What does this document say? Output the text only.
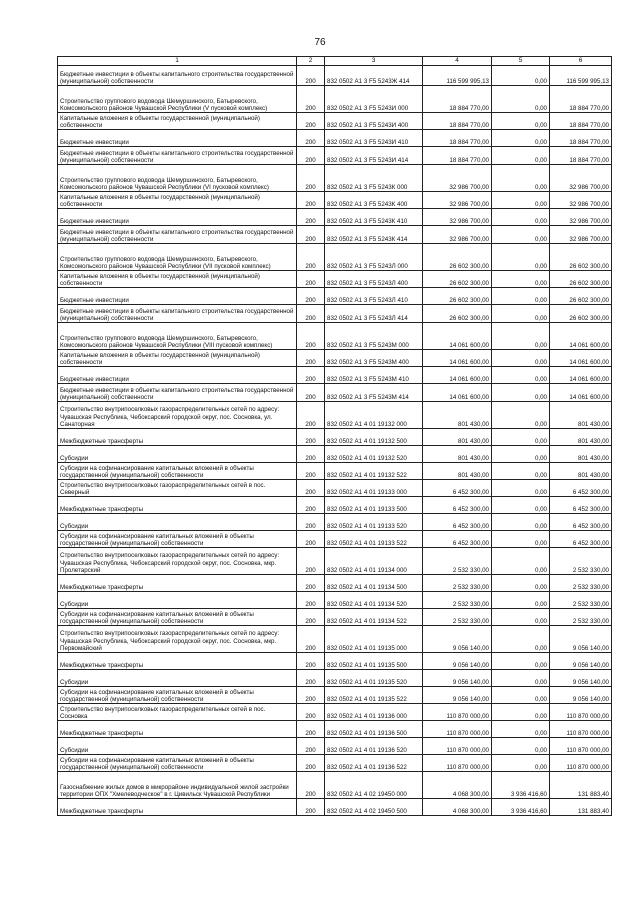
76
1	2	3	4	5	6
Бюджетные инвестиции в объекты капитального строительства государственной (муниципальной) собственности	200	832 0502 А1 3 F5 5243Ж 414	116 599 995,13	0,00	116 599 995,13
Строительство группового водовода Шемуршинского, Батыревского, Комсомольского районов Чувашской Республики (V пусковой комплекс)	200	832 0502 А1 3 F5 5243И 000	18 884 770,00	0,00	18 884 770,00
Капитальные вложения в объекты государственной (муниципальной) собственности	200	832 0502 А1 3 F5 5243И 400	18 884 770,00	0,00	18 884 770,00
Бюджетные инвестиции	200	832 0502 А1 3 F5 5243И 410	18 884 770,00	0,00	18 884 770,00
Бюджетные инвестиции в объекты капитального строительства государственной (муниципальной) собственности	200	832 0502 А1 3 F5 5243И 414	18 884 770,00	0,00	18 884 770,00
Строительство группового водовода Шемуршинского, Батыревского, Комсомольского районов Чувашской Республики (VI пусковой комплекс)	200	832 0502 А1 3 F5 5243К 000	32 986 700,00	0,00	32 986 700,00
Капитальные вложения в объекты государственной (муниципальной) собственности	200	832 0502 А1 3 F5 5243К 400	32 986 700,00	0,00	32 986 700,00
Бюджетные инвестиции	200	832 0502 А1 3 F5 5243К 410	32 986 700,00	0,00	32 986 700,00
Бюджетные инвестиции в объекты капитального строительства государственной (муниципальной) собственности	200	832 0502 А1 3 F5 5243К 414	32 986 700,00	0,00	32 986 700,00
Строительство группового водовода Шемуршинского, Батыревского, Комсомольского районов Чувашской Республики (VII пусковой комплекс)	200	832 0502 А1 3 F5 5243Л 000	26 602 300,00	0,00	26 602 300,00
Капитальные вложения в объекты государственной (муниципальной) собственности	200	832 0502 А1 3 F5 5243Л 400	26 602 300,00	0,00	26 602 300,00
Бюджетные инвестиции	200	832 0502 А1 3 F5 5243Л 410	26 602 300,00	0,00	26 602 300,00
Бюджетные инвестиции в объекты капитального строительства государственной (муниципальной) собственности	200	832 0502 А1 3 F5 5243Л 414	26 602 300,00	0,00	26 602 300,00
Строительство группового водовода Шемуршинского, Батыревского, Комсомольского районов Чувашской Республики (VIII пусковой комплекс)	200	832 0502 А1 3 F5 5243М 000	14 061 600,00	0,00	14 061 600,00
Капитальные вложения в объекты государственной (муниципальной) собственности	200	832 0502 А1 3 F5 5243М 400	14 061 600,00	0,00	14 061 600,00
Бюджетные инвестиции	200	832 0502 А1 3 F5 5243М 410	14 061 600,00	0,00	14 061 600,00
Бюджетные инвестиции в объекты капитального строительства государственной (муниципальной) собственности	200	832 0502 А1 3 F5 5243М 414	14 061 600,00	0,00	14 061 600,00
Строительство внутрипоселковых газораспределительных сетей по адресу: Чувашская Республика, Чебоксарский городской округ, пос. Сосновка, ул. Санаторная	200	832 0502 А1 4 01 19132 000	801 430,00	0,00	801 430,00
Межбюджетные трансферты	200	832 0502 А1 4 01 19132 500	801 430,00	0,00	801 430,00
Субсидии	200	832 0502 А1 4 01 19132 520	801 430,00	0,00	801 430,00
Субсидии на софинансирование капитальных вложений в объекты государственной (муниципальной) собственности	200	832 0502 А1 4 01 19132 522	801 430,00	0,00	801 430,00
Строительство внутрипоселковых газораспределительных сетей в пос. Северный	200	832 0502 А1 4 01 19133 000	6 452 300,00	0,00	6 452 300,00
Межбюджетные трансферты	200	832 0502 А1 4 01 19133 500	6 452 300,00	0,00	6 452 300,00
Субсидии	200	832 0502 А1 4 01 19133 520	6 452 300,00	0,00	6 452 300,00
Субсидии на софинансирование капитальных вложений в объекты государственной (муниципальной) собственности	200	832 0502 А1 4 01 19133 522	6 452 300,00	0,00	6 452 300,00
Строительство внутрипоселковых газораспределительных сетей по адресу: Чувашская Республика, Чебоксарский городской округ, пос. Сосновка, мкр. Пролетарский	200	832 0502 А1 4 01 19134 000	2 532 330,00	0,00	2 532 330,00
Межбюджетные трансферты	200	832 0502 А1 4 01 19134 500	2 532 330,00	0,00	2 532 330,00
Субсидии	200	832 0502 А1 4 01 19134 520	2 532 330,00	0,00	2 532 330,00
Субсидии на софинансирование капитальных вложений в объекты государственной (муниципальной) собственности	200	832 0502 А1 4 01 19134 522	2 532 330,00	0,00	2 532 330,00
Строительство внутрипоселковых газораспределительных сетей по адресу: Чувашская Республика, Чебоксарский городской округ, пос. Сосновка, мкр. Первомайский	200	832 0502 А1 4 01 19135 000	9 056 140,00	0,00	9 056 140,00
Межбюджетные трансферты	200	832 0502 А1 4 01 19135 500	9 056 140,00	0,00	9 056 140,00
Субсидии	200	832 0502 А1 4 01 19135 520	9 056 140,00	0,00	9 056 140,00
Субсидии на софинансирование капитальных вложений в объекты государственной (муниципальной) собственности	200	832 0502 А1 4 01 19135 522	9 056 140,00	0,00	9 056 140,00
Строительство внутрипоселковых газораспределительных сетей в пос. Сосновка	200	832 0502 А1 4 01 19136 000	110 870 000,00	0,00	110 870 000,00
Межбюджетные трансферты	200	832 0502 А1 4 01 19136 500	110 870 000,00	0,00	110 870 000,00
Субсидии	200	832 0502 А1 4 01 19136 520	110 870 000,00	0,00	110 870 000,00
Субсидии на софинансирование капитальных вложений в объекты государственной (муниципальной) собственности	200	832 0502 А1 4 01 19136 522	110 870 000,00	0,00	110 870 000,00
Газоснабжение жилых домов в микрорайоне индивидуальной жилой застройки территории ОПХ "Хмелеводческое" в г. Цивильск Чувашской Республики	200	832 0502 А1 4 02 19450 000	4 068 300,00	3 936 416,60	131 883,40
Межбюджетные трансферты	200	832 0502 А1 4 02 19450 500	4 068 300,00	3 936 416,60	131 883,40
